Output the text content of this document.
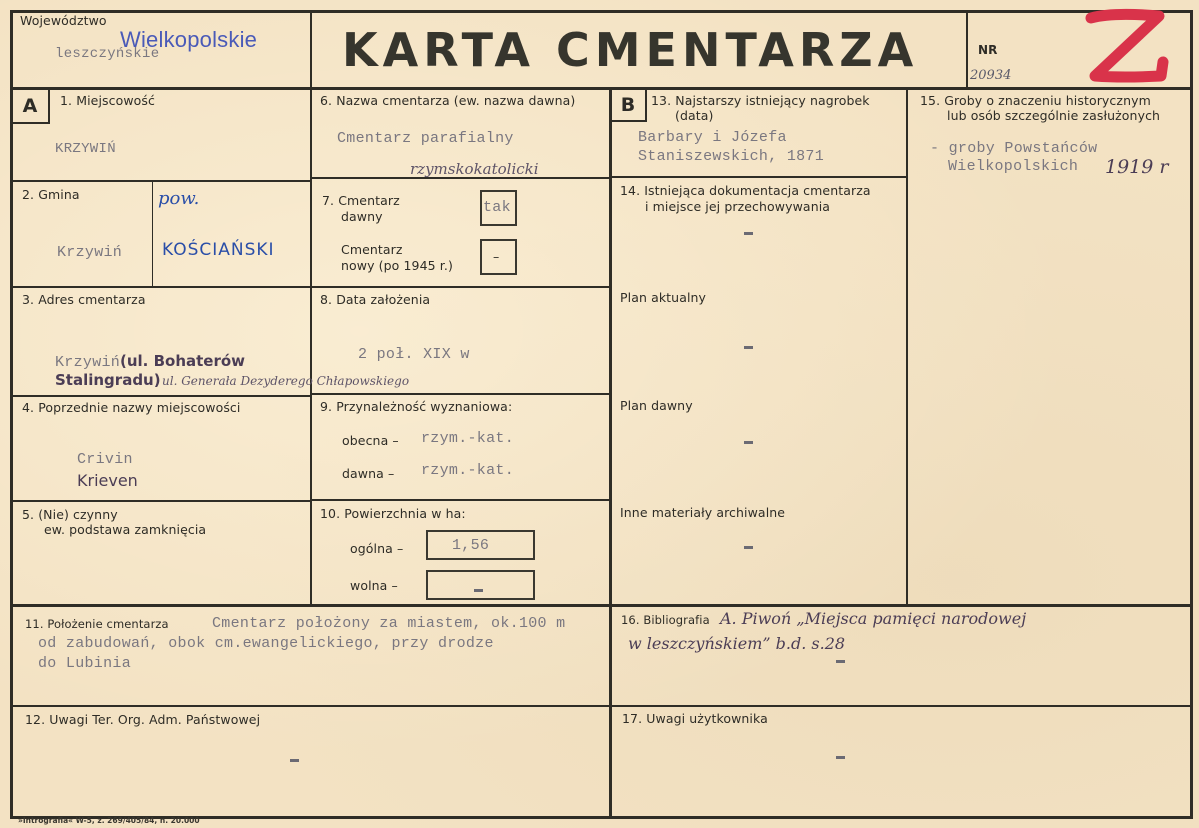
Województwo
leszczyńskie
Wielkopolskie KARTA CMENTARZA	NR
20934
A	1. Miejscowość
KRZYWIŃ
2. Gmina
Krzywiń
pow.
KOŚCIAŃSKI
3. Adres cmentarza
Krzywiń (ul. Bohaterów
Stalingradu) ul. Generała Dezyderego Chłapowskiego
4. Poprzednie nazwy miejscowości
Crivin
Krieven
5. (Nie) czynny
ew. podstawa zamknięcia
6. Nazwa cmentarza (ew. nazwa dawna)
Cmentarz parafialny
rzymskokatolicki
7. Cmentarz
dawny
tak
Cmentarz
nowy (po 1945 r.)
–
8. Data założenia
2 poł. XIX w
9. Przynależność wyznaniowa:
obecna – rzym.-kat.
dawna – rzym.-kat.
10. Powierzchnia w ha:
ogólna –	1,56
wolna –
B	13. Najstarszy istniejący nagrobek
(data)
Barbary i Józefa
Staniszewskich, 1871
14. Istniejąca dokumentacja cmentarza
i miejsce jej przechowywania
Plan aktualny
Plan dawny
Inne materiały archiwalne
15. Groby o znaczeniu historycznym
lub osób szczególnie zasłużonych
- groby Powstańców
Wielkopolskich 1919 r
11. Położenie cmentarza	Cmentarz położony za miastem, ok.100 m
od zabudowań, obok cm.ewangelickiego, przy drodze
do Lubinia
16. Bibliografia A. Piwoń „Miejsca pamięci narodowej
w leszczyńskiem” b.d. s.28
12. Uwagi Ter. Org. Adm. Państwowej	17. Uwagi użytkownika
»Intrografia« W-5, z. 269/405/84, n. 20.000
